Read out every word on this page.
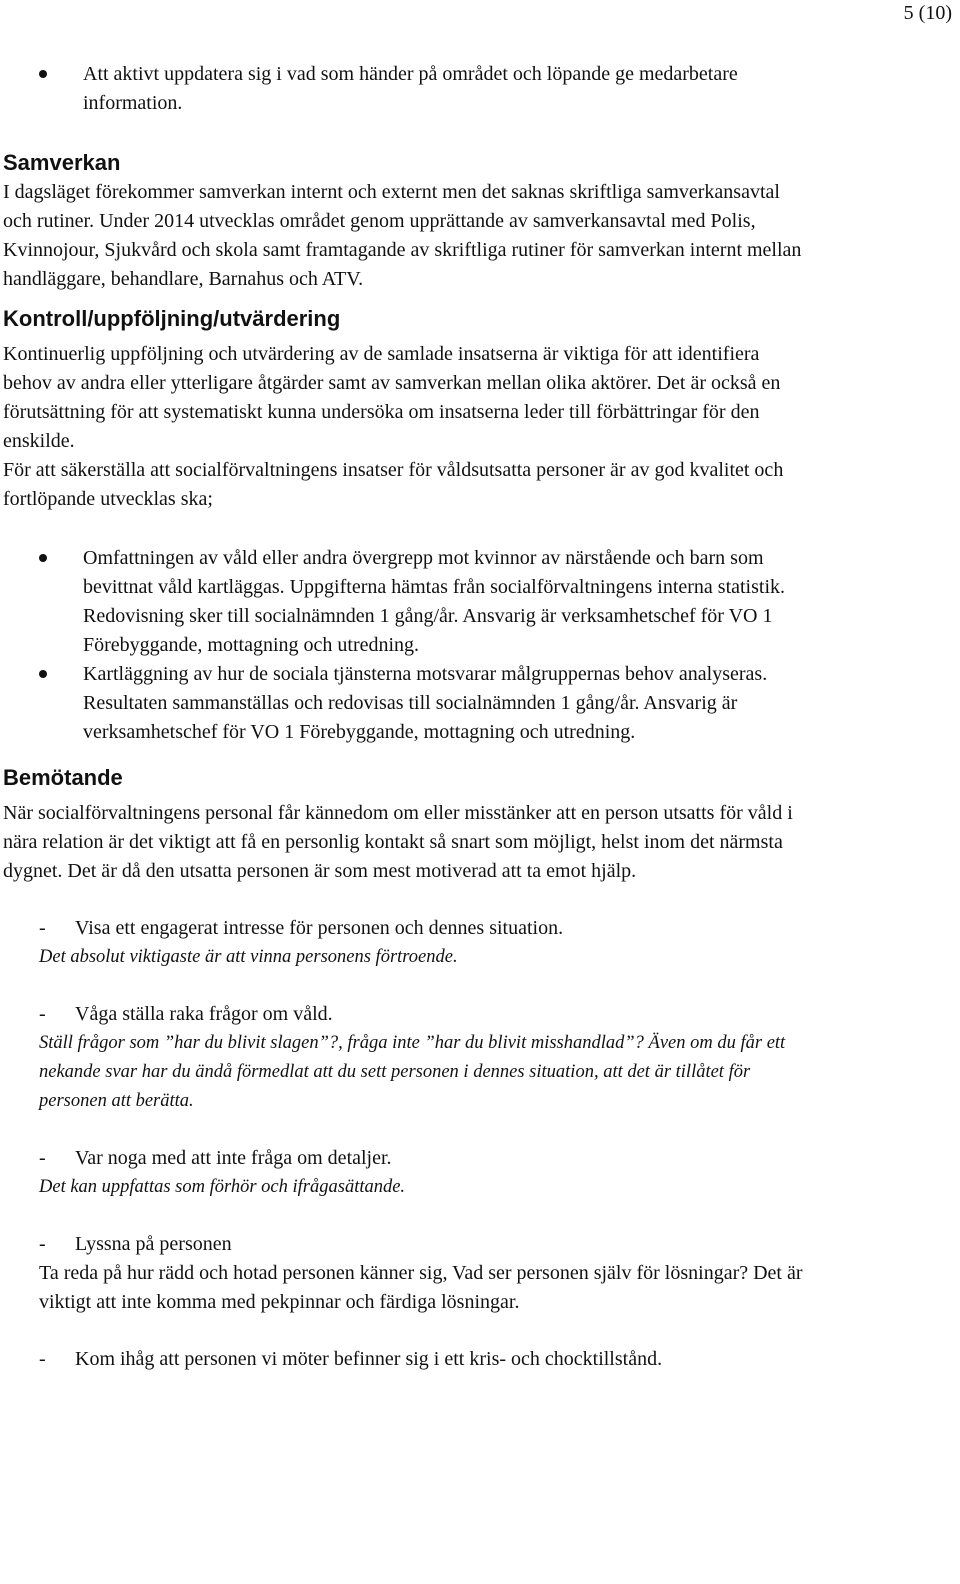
5 (10)
Att aktivt uppdatera sig i vad som händer på området och löpande ge medarbetare information.
Samverkan

I dagsläget förekommer samverkan internt och externt men det saknas skriftliga samverkansavtal och rutiner. Under 2014 utvecklas området genom upprättande av samverkansavtal med Polis, Kvinnojour, Sjukvård och skola samt framtagande av skriftliga rutiner för samverkan internt mellan handläggare, behandlare, Barnahus och ATV.

Kontroll/uppföljning/utvärdering

Kontinuerlig uppföljning och utvärdering av de samlade insatserna är viktiga för att identifiera behov av andra eller ytterligare åtgärder samt av samverkan mellan olika aktörer. Det är också en förutsättning för att systematiskt kunna undersöka om insatserna leder till förbättringar för den enskilde.

För att säkerställa att socialförvaltningens insatser för våldsutsatta personer är av god kvalitet och fortlöpande utvecklas ska;

Omfattningen av våld eller andra övergrepp mot kvinnor av närstående och barn som bevittnat våld kartläggas. Uppgifterna hämtas från socialförvaltningens interna statistik. Redovisning sker till socialnämnden 1 gång/år. Ansvarig är verksamhetschef för VO 1 Förebyggande, mottagning och utredning.
Kartläggning av hur de sociala tjänsterna motsvarar målgruppernas behov analyseras. Resultaten sammanställas och redovisas till socialnämnden 1 gång/år. Ansvarig är verksamhetschef för VO 1 Förebyggande, mottagning och utredning.
Bemötande

När socialförvaltningens personal får kännedom om eller misstänker att en person utsatts för våld i nära relation är det viktigt att få en personlig kontakt så snart som möjligt, helst inom det närmsta dygnet. Det är då den utsatta personen är som mest motiverad att ta emot hjälp.

- Visa ett engagerat intresse för personen och dennes situation.

Det absolut viktigaste är att vinna personens förtroende.

- Våga ställa raka frågor om våld.

Ställ frågor som ”har du blivit slagen”?, fråga inte ”har du blivit misshandlad”? Även om du får ett nekande svar har du ändå förmedlat att du sett personen i dennes situation, att det är tillåtet för personen att berätta.

- Var noga med att inte fråga om detaljer.

Det kan uppfattas som förhör och ifrågasättande.

- Lyssna på personen

Ta reda på hur rädd och hotad personen känner sig, Vad ser personen själv för lösningar? Det är viktigt att inte komma med pekpinnar och färdiga lösningar.

- Kom ihåg att personen vi möter befinner sig i ett kris- och chocktillstånd.
